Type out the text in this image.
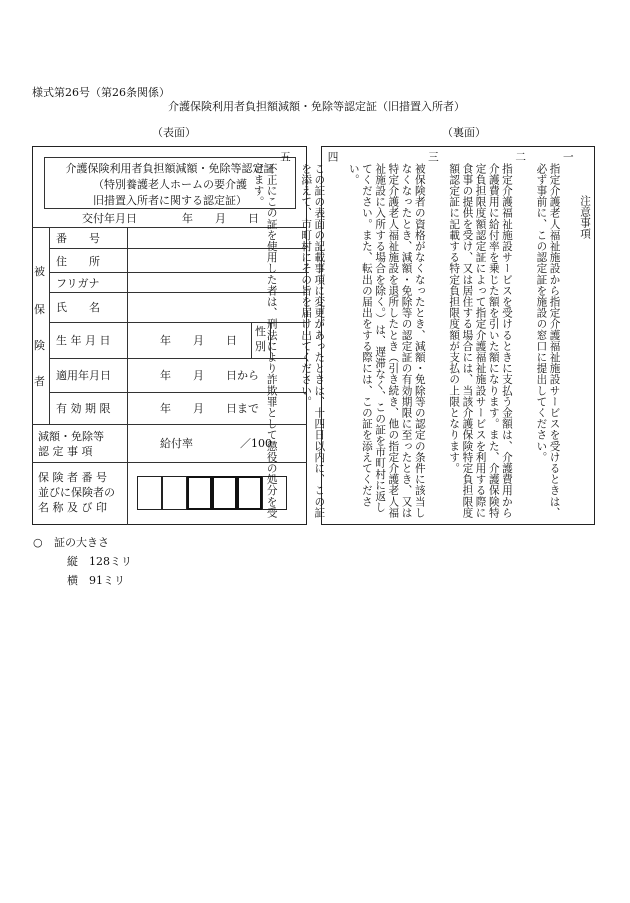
様式第26号（第26条関係）
介護保険利用者負担額減額・免除等認定証（旧措置入所者）
（表面）	（裏面）
介護保険利用者負担額減額・免除等認定証
（特別養護老人ホームの要介護
旧措置入所者に関する認定証）
交付年月日	年　　月　　日
被
保
険
者
番　　号
住　　所
フリガナ
氏　　名
生 年 月 日	年　　月　　日
性
別
適用年月日	年　　月　　日から
有 効 期 限	年　　月　　日まで
減額・免除等
認 定 事 項
給付率	／100
保 険 者 番 号
並びに保険者の
名 称 及 び 印
注意事項
一
指定介護老人福祉施設から指定介護福祉施設サービスを受けるときは、必ず事前に、この認定証を施設の窓口に提出してください。
二
指定介護福祉施設サービスを受けるときに支払う金額は、介護費用から介護費用に給付率を乗じた額を引いた額になります。また、介護保険特定負担限度額認定証によって指定介護福祉施設サービスを利用する際に食事の提供を受け、又は居住する場合には、当該介護保険特定負担限度額認定証に記載する特定負担限度額が支払の上限となります。
三
被保険者の資格がなくなったとき、減額・免除等の認定の条件に該当しなくなったとき、減額・免除等の認定証の有効期限に至ったとき、又は特定介護老人福祉施設を退所したとき（引き続き、他の指定介護老人福祉施設に入所する場合を除く。）は、遅滞なく、この証を市町村に返してください。また、転出の届出をする際には、この証を添えてください。
四
この証の表面の記載事項に変更があったときは、十四日以内に、この証を添えて、市町村にその旨を届け出てください。
五
不正にこの証を使用した者は、刑法により詐欺罪として懲役の処分を受けます。
○ 証の大きさ
縦　128ミリ
横　91ミリ
